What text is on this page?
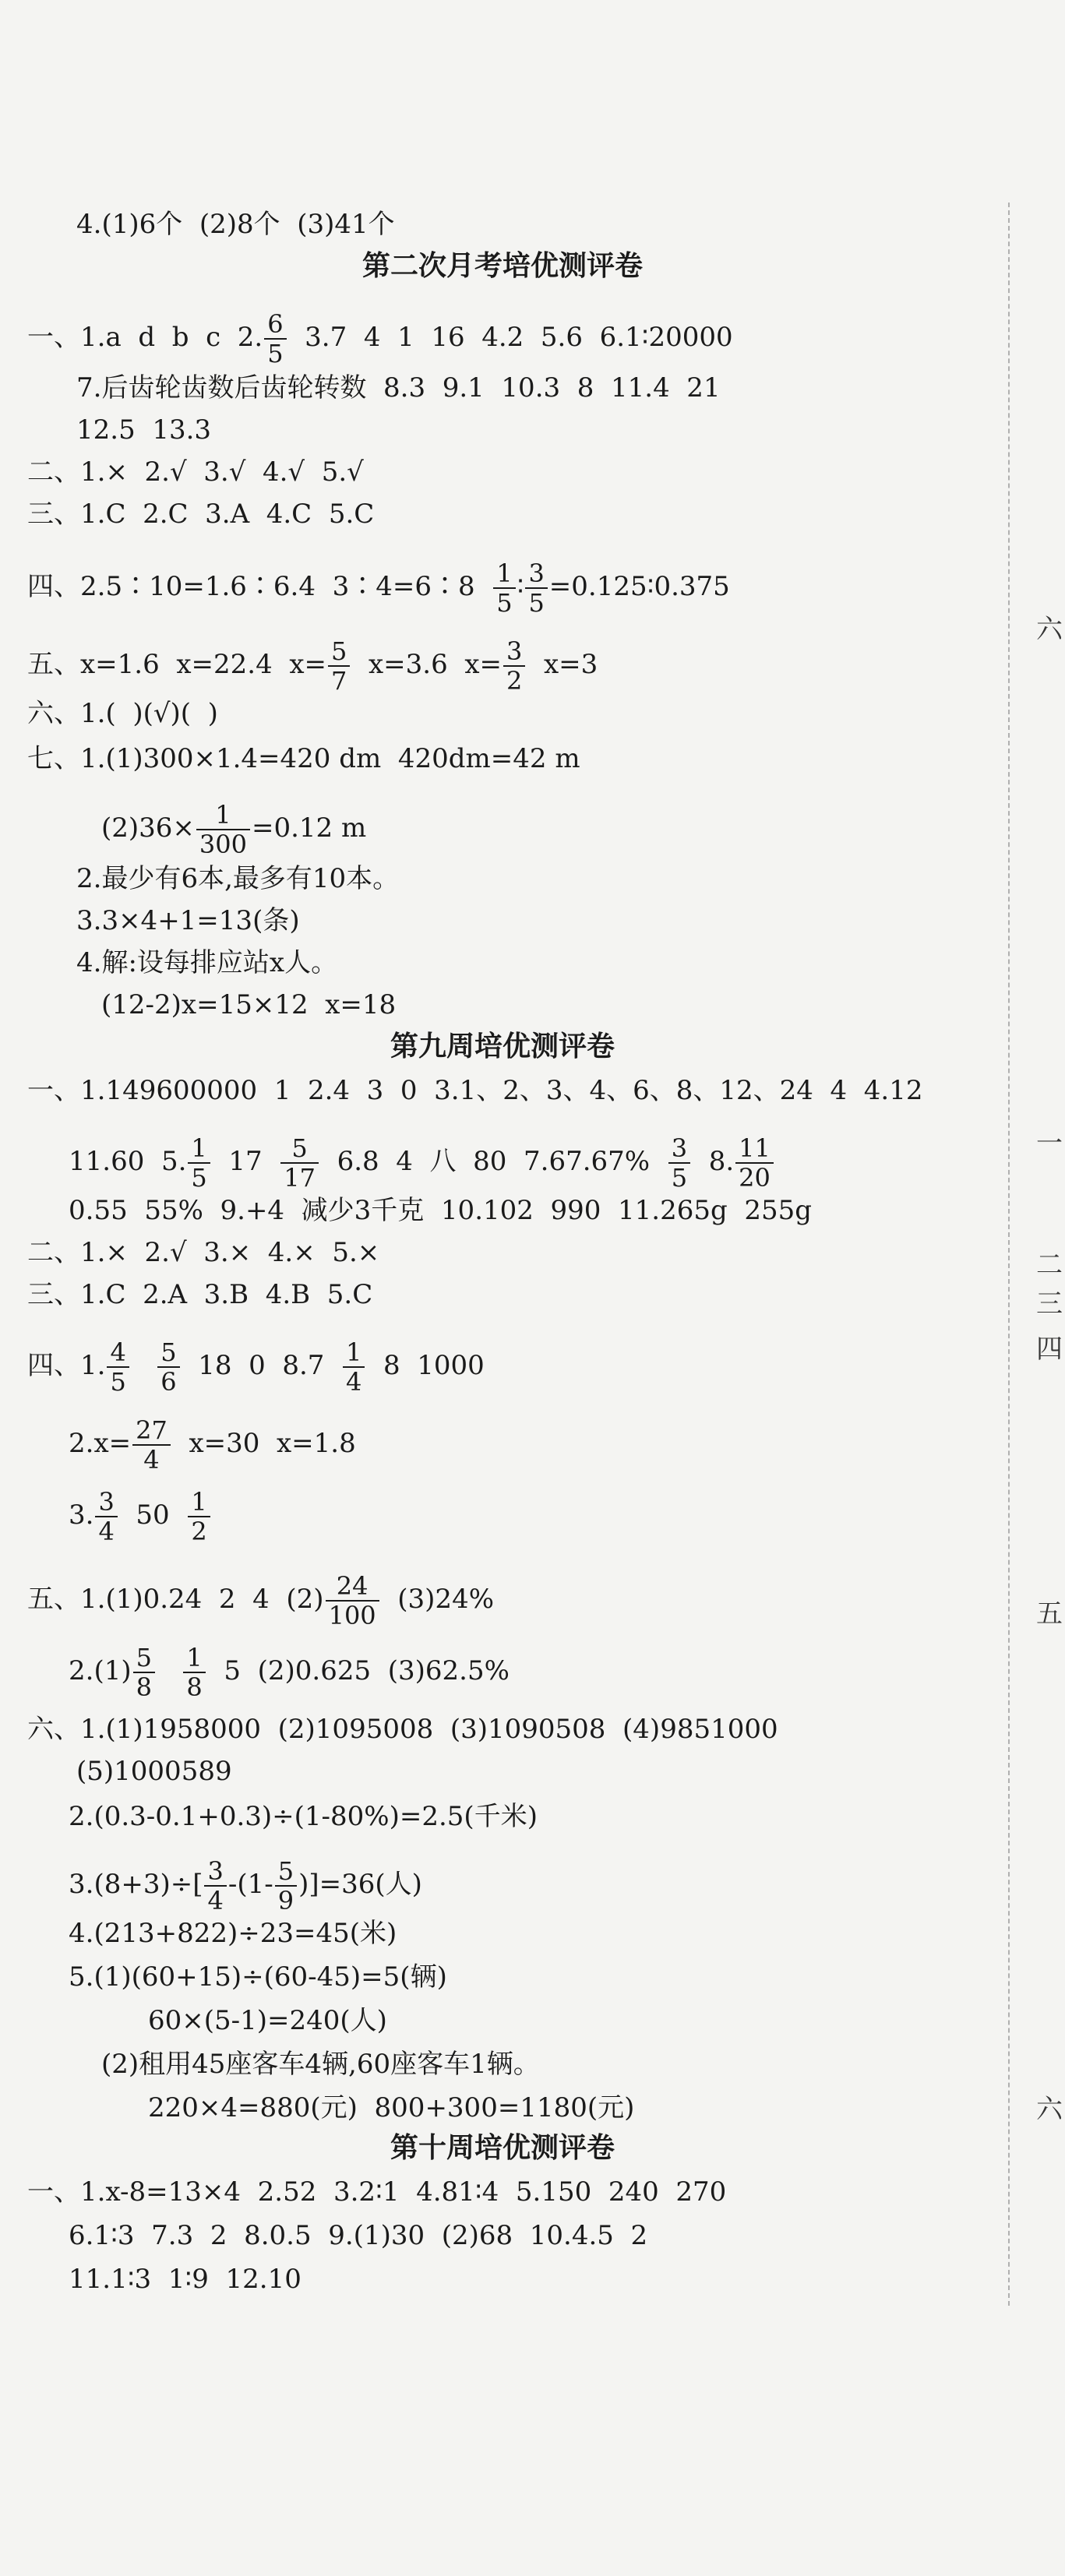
4.(1)6个  (2)8个  (3)41个
第二次月考培优测评卷
一、1.a  d  b  c  2. $\frac{6}{5} 3.7$  4  1  16  4.2  5.6  6.1∶20000
7.后齿轮齿数后齿轮转数  8.3  9.1  10.3  8  11.4  21
12.5  13.3
二、1.×  2.√  3.√  4.√  5.√
三、1.C  2.C  3.A  4.C  5.C
四、2.5∶10=1.6∶6.4  3∶4=6∶8 $\frac{1}{5}$ ∶ $\frac{3}{5}$ =0.125∶0.375
五、x=1.6  x=22.4  $x= \frac{5}{7} x=3.6$  $x= \frac{3}{2} x=3$
六、1.(  )(√)(  )
七、1.(1)300×1.4=420 dm  420dm=42 m
$(2)36\times \frac{1}{300} =0.12$ m
2.最少有6本,最多有10本。
3.3×4+1=13(条)
4.解:设每排应站x人。
(12-2)x=15×12  x=18
第九周培优测评卷
一、1.149600000  1  2.4  3  0  3.1、2、3、4、6、8、12、24  4  4.12
11.60  5. $\frac{1}{5} 17 \frac{5}{17} 6.8$  4  八  80  $7.67.67\% \frac{3}{5} 8$. $\frac{11}{20}$
0.55  55%  9.+4  减少3千克  10.102  990  11.265g  255g
二、1.×  2.√  3.×  4.×  5.×
三、1.C  2.A  3.B  4.B  5.C
四、1. $\frac{4}{5}$
$\frac{5}{6} 18$  0  $8.7 \frac{1}{4} 8$  1000
$2.x= \frac{27}{4} x=30$  x=1.8
3. $\frac{3}{4} 50 \frac{1}{2}$
五、1.(1)0.24  2  4  $(2) \frac{24}{100} (3)24\%$
$2.(1) \frac{5}{8}$
$\frac{1}{8} 5$  (2)0.625  (3)62.5%
六、1.(1)1958000  (2)1095008  (3)1090508  (4)9851000
(5)1000589
2.(0.3-0.1+0.3)÷(1-80%)=2.5(千米)
$3.(8+3)\div[ \frac{3}{4} -(1- \frac{5}{9} )]=36$(人)
4.(213+822)÷23=45(米)
5.(1)(60+15)÷(60-45)=5(辆)
60×(5-1)=240(人)
(2)租用45座客车4辆,60座客车1辆。
220×4=880(元)  800+300=1180(元)
第十周培优测评卷
一、1.x-8=13×4  2.52  3.2∶1  4.81∶4  5.150  240  270
6.1∶3  7.3  2  8.0.5  9.(1)30  (2)68  10.4.5  2
11.1∶3  1∶9  12.10
六
一
二
三
四
五
六
